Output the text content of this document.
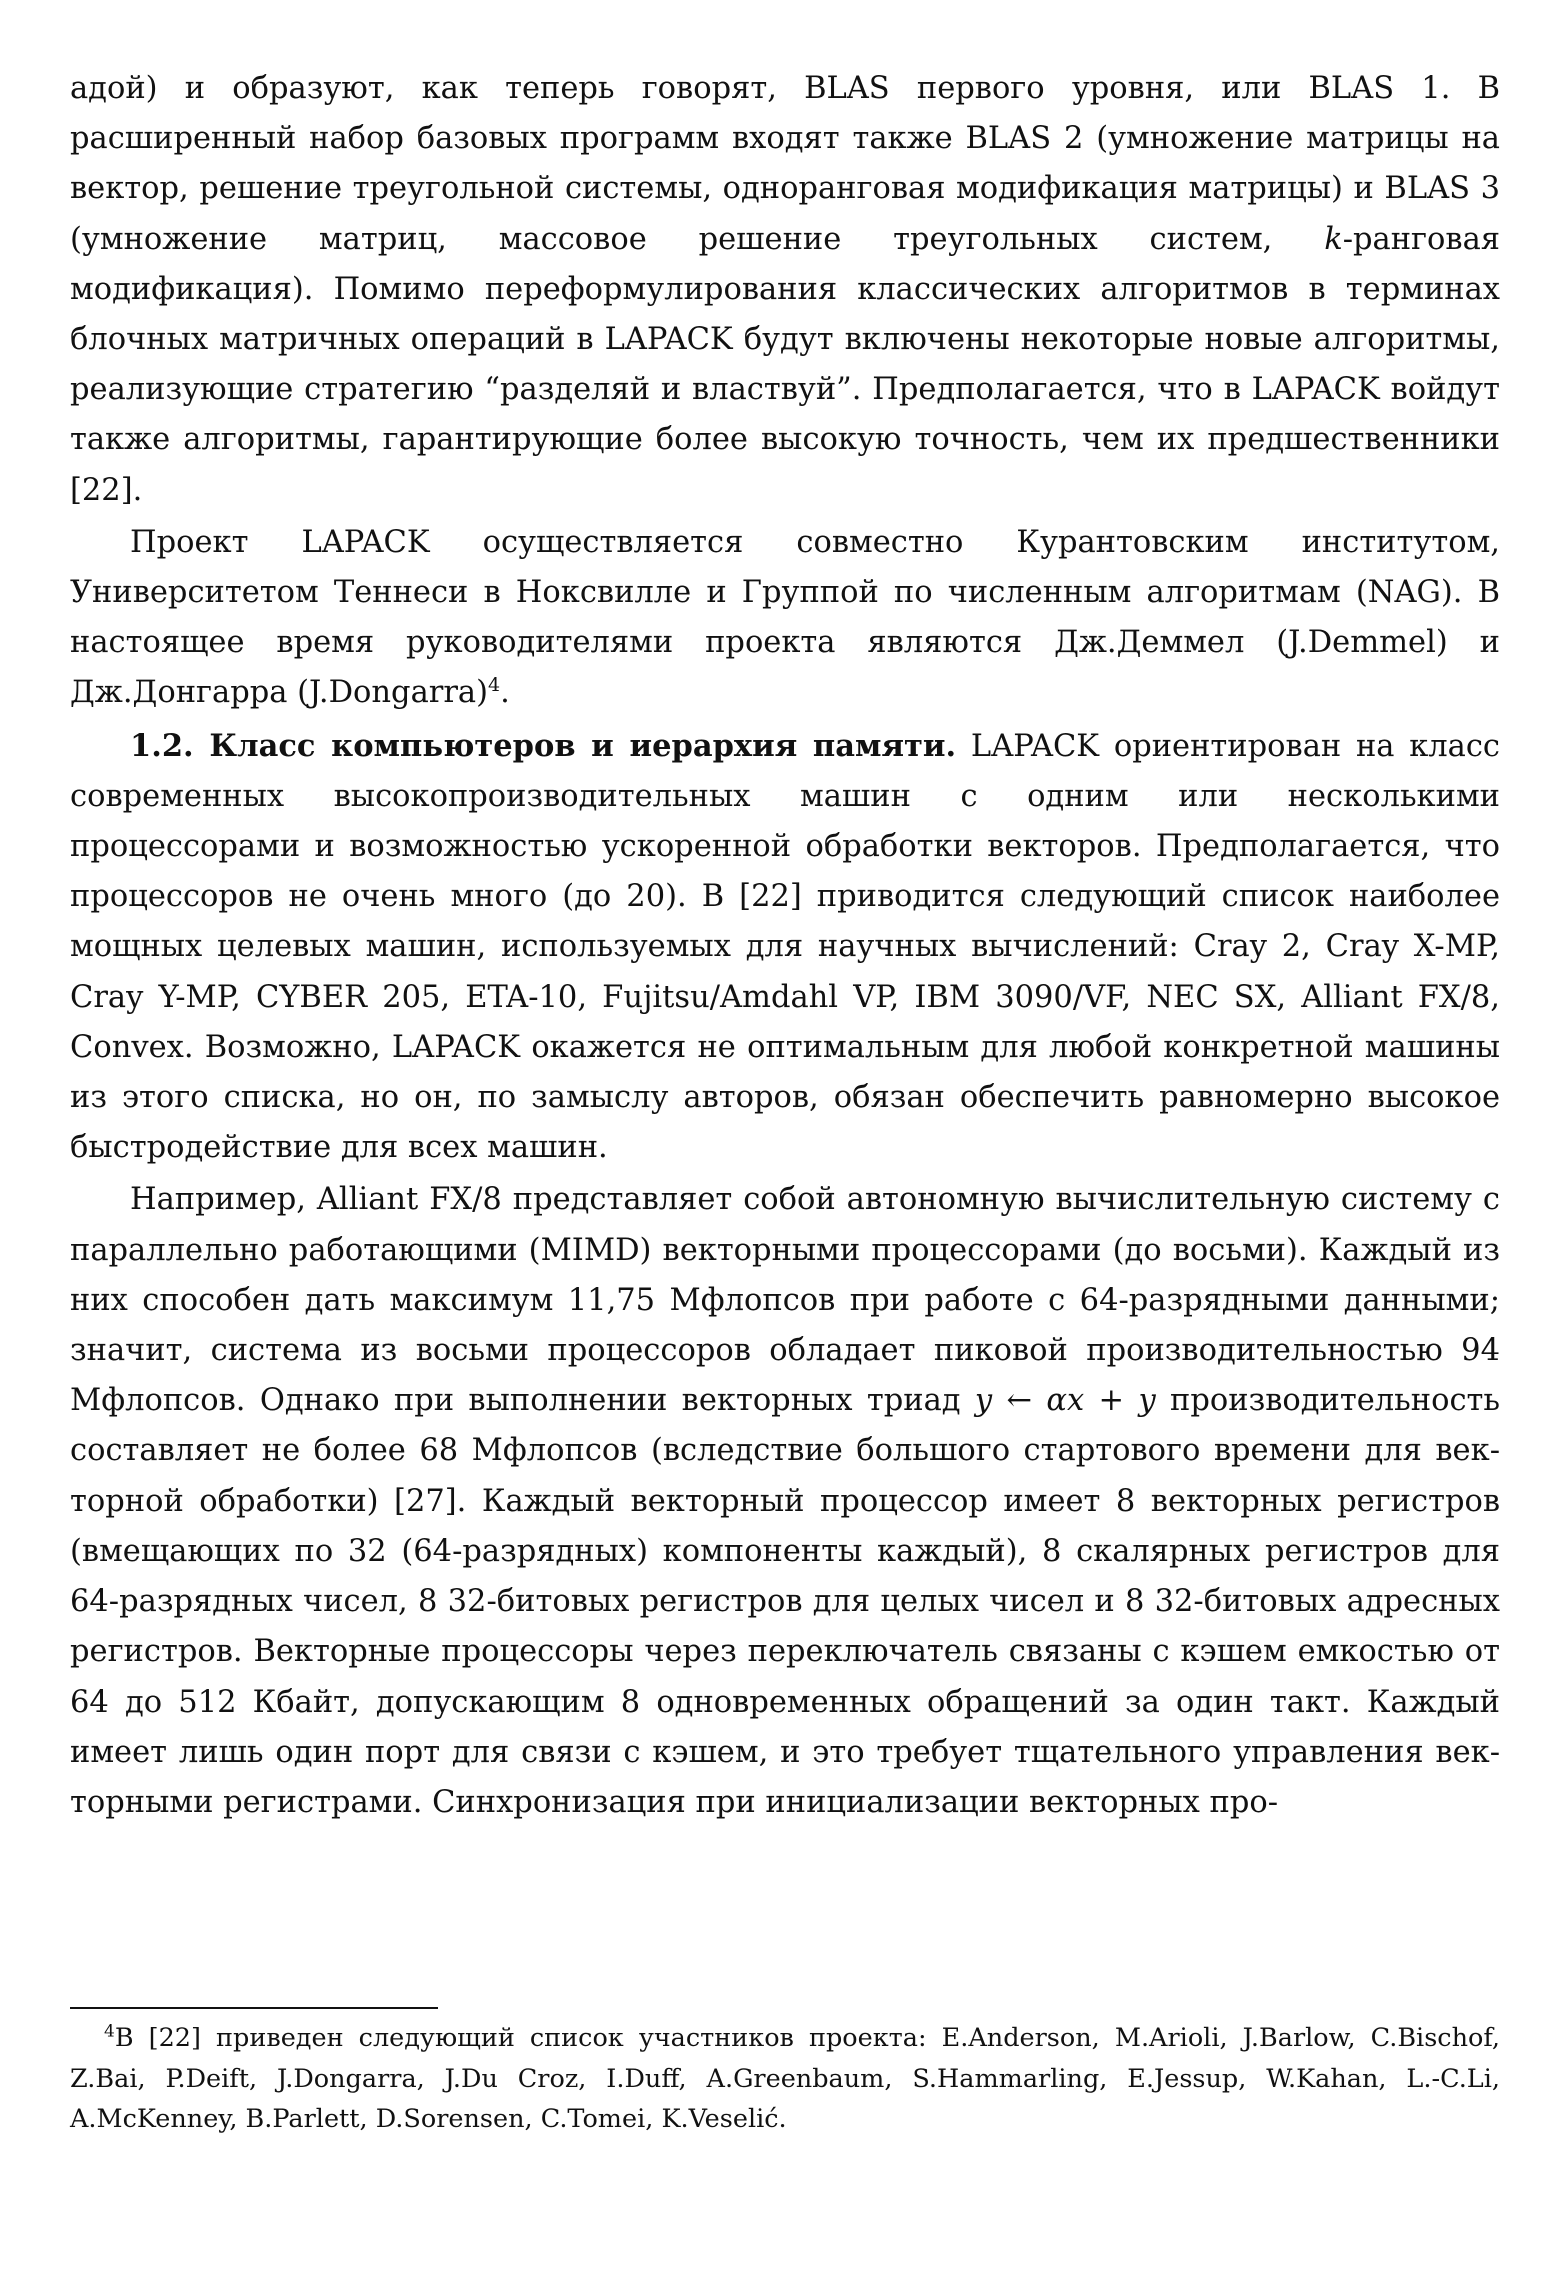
адой) и образуют, как теперь говорят, BLAS первого уровня, или BLAS 1. В расширенный набор базовых программ входят также BLAS 2 (умножение матрицы на вектор, решение треугольной системы, одноранговая модификация матрицы) и BLAS 3 (умножение матриц, массовое решение треугольных систем, k-ранговая модификация). Помимо переформулирования классических алгоритмов в терминах блочных матричных операций в LAPACK будут включены некоторые новые алгоритмы, реализующие стратегию “разделяй и властвуй”. Предполагается, что в LAPACK войдут также алгоритмы, гарантирующие более высокую точность, чем их предшественники [22].

Проект LAPACK осуществляется совместно Курантовским институтом, Университетом Теннеси в Ноксвилле и Группой по численным алгоритмам (NAG). В настоящее время руководителями проекта являются Дж.Деммел (J.Demmel) и Дж.Донгарра (J.Dongarra)$^4$.

1.2. Класс компьютеров и иерархия памяти. LAPACK ориентирован на класс современных высокопроизводительных машин с одним или несколькими процессорами и возможностью ускоренной обработки векторов. Предполагается, что процессоров не очень много (до 20). В [22] приводится следующий список наиболее мощных целевых машин, используемых для научных вычислений: Cray 2, Cray X-MP, Cray Y-MP, CYBER 205, ETA-10, Fujitsu/Amdahl VP, IBM 3090/VF, NEC SX, Alliant FX/8, Convex. Возможно, LAPACK окажется не оптимальным для любой конкретной машины из этого списка, но он, по замыслу авторов, обязан обеспечить равномерно высокое быстродействие для всех машин.

Например, Alliant FX/8 представляет собой автономную вычислительную систему с параллельно работающими (MIMD) векторными процессорами (до восьми). Каждый из них способен дать максимум 11,75 Мфлопсов при работе с 64-разрядными данными; значит, система из восьми процессоров обладает пиковой производительностью 94 Мфлопсов. Однако при выполнении векторных триад y ← αx + y производительность составляет не более 68 Мфлопсов (вследствие большого стартового времени для векторной обработки) [27]. Каждый векторный процессор имеет 8 векторных регистров (вмещающих по 32 (64-разрядных) компоненты каждый), 8 скалярных регистров для 64-разрядных чисел, 8 32-битовых регистров для целых чисел и 8 32-битовых адресных регистров. Векторные процессоры через переключатель связаны с кэшем емкостью от 64 до 512 Кбайт, допускающим 8 одновременных обращений за один такт. Каждый имеет лишь один порт для связи с кэшем, и это требует тщательного управления векторными регистрами. Синхронизация при инициализации векторных про-

$^4$В [22] приведен следующий список участников проекта: E.Anderson, M.Arioli, J.Barlow, C.Bischof, Z.Bai, P.Deift, J.Dongarra, J.Du Croz, I.Duff, A.Greenbaum, S.Hammarling, E.Jessup, W.Kahan, L.-C.Li, A.McKenney, B.Parlett, D.Sorensen, C.Tomei, K.Veselić.
